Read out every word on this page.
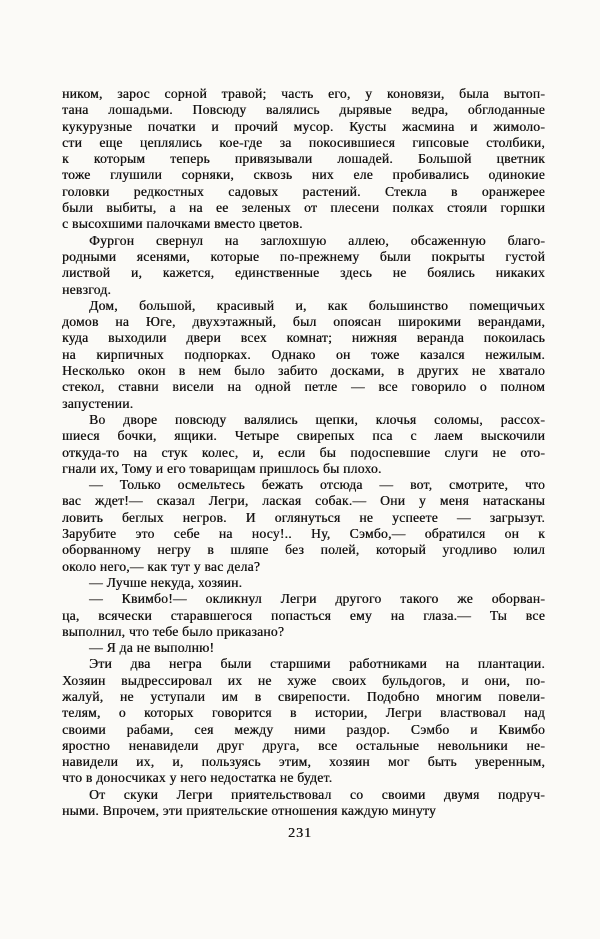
ником, зарос сорной травой; часть его, у коновязи, была вытоп-
тана лошадьми. Повсюду валялись дырявые ведра, обглоданные
кукурузные початки и прочий мусор. Кусты жасмина и жимоло-
сти еще цеплялись кое-где за покосившиеся гипсовые столбики,
к которым теперь привязывали лошадей. Большой цветник
тоже глушили сорняки, сквозь них еле пробивались одинокие
головки редкостных садовых растений. Стекла в оранжерее
были выбиты, а на ее зеленых от плесени полках стояли горшки
с высохшими палочками вместо цветов.
Фургон свернул на заглохшую аллею, обсаженную благо-
родными ясенями, которые по-прежнему были покрыты густой
листвой и, кажется, единственные здесь не боялись никаких
невзгод.
Дом, большой, красивый и, как большинство помещичьих
домов на Юге, двухэтажный, был опоясан широкими верандами,
куда выходили двери всех комнат; нижняя веранда покоилась
на кирпичных подпорках. Однако он тоже казался нежилым.
Несколько окон в нем было забито досками, в других не хватало
стекол, ставни висели на одной петле — все говорило о полном
запустении.
Во дворе повсюду валялись щепки, клочья соломы, рассох-
шиеся бочки, ящики. Четыре свирепых пса с лаем выскочили
откуда-то на стук колес, и, если бы подоспевшие слуги не ото-
гнали их, Тому и его товарищам пришлось бы плохо.
— Только осмельтесь бежать отсюда — вот, смотрите, что
вас ждет!— сказал Легри, лаская собак.— Они у меня натасканы
ловить беглых негров. И оглянуться не успеете — загрызут.
Зарубите это себе на носу!.. Ну, Сэмбо,— обратился он к
оборванному негру в шляпе без полей, который угодливо юлил
около него,— как тут у вас дела?
— Лучше некуда, хозяин.
— Квимбо!— окликнул Легри другого такого же оборван-
ца, всячески старавшегося попасться ему на глаза.— Ты все
выполнил, что тебе было приказано?
— Я да не выполню!
Эти два негра были старшими работниками на плантации.
Хозяин выдрессировал их не хуже своих бульдогов, и они, по-
жалуй, не уступали им в свирепости. Подобно многим повели-
телям, о которых говорится в истории, Легри властвовал над
своими рабами, сея между ними раздор. Сэмбо и Квимбо
яростно ненавидели друг друга, все остальные невольники не-
навидели их, и, пользуясь этим, хозяин мог быть уверенным,
что в доносчиках у него недостатка не будет.
От скуки Легри приятельствовал со своими двумя подруч-
ными. Впрочем, эти приятельские отношения каждую минуту
231
